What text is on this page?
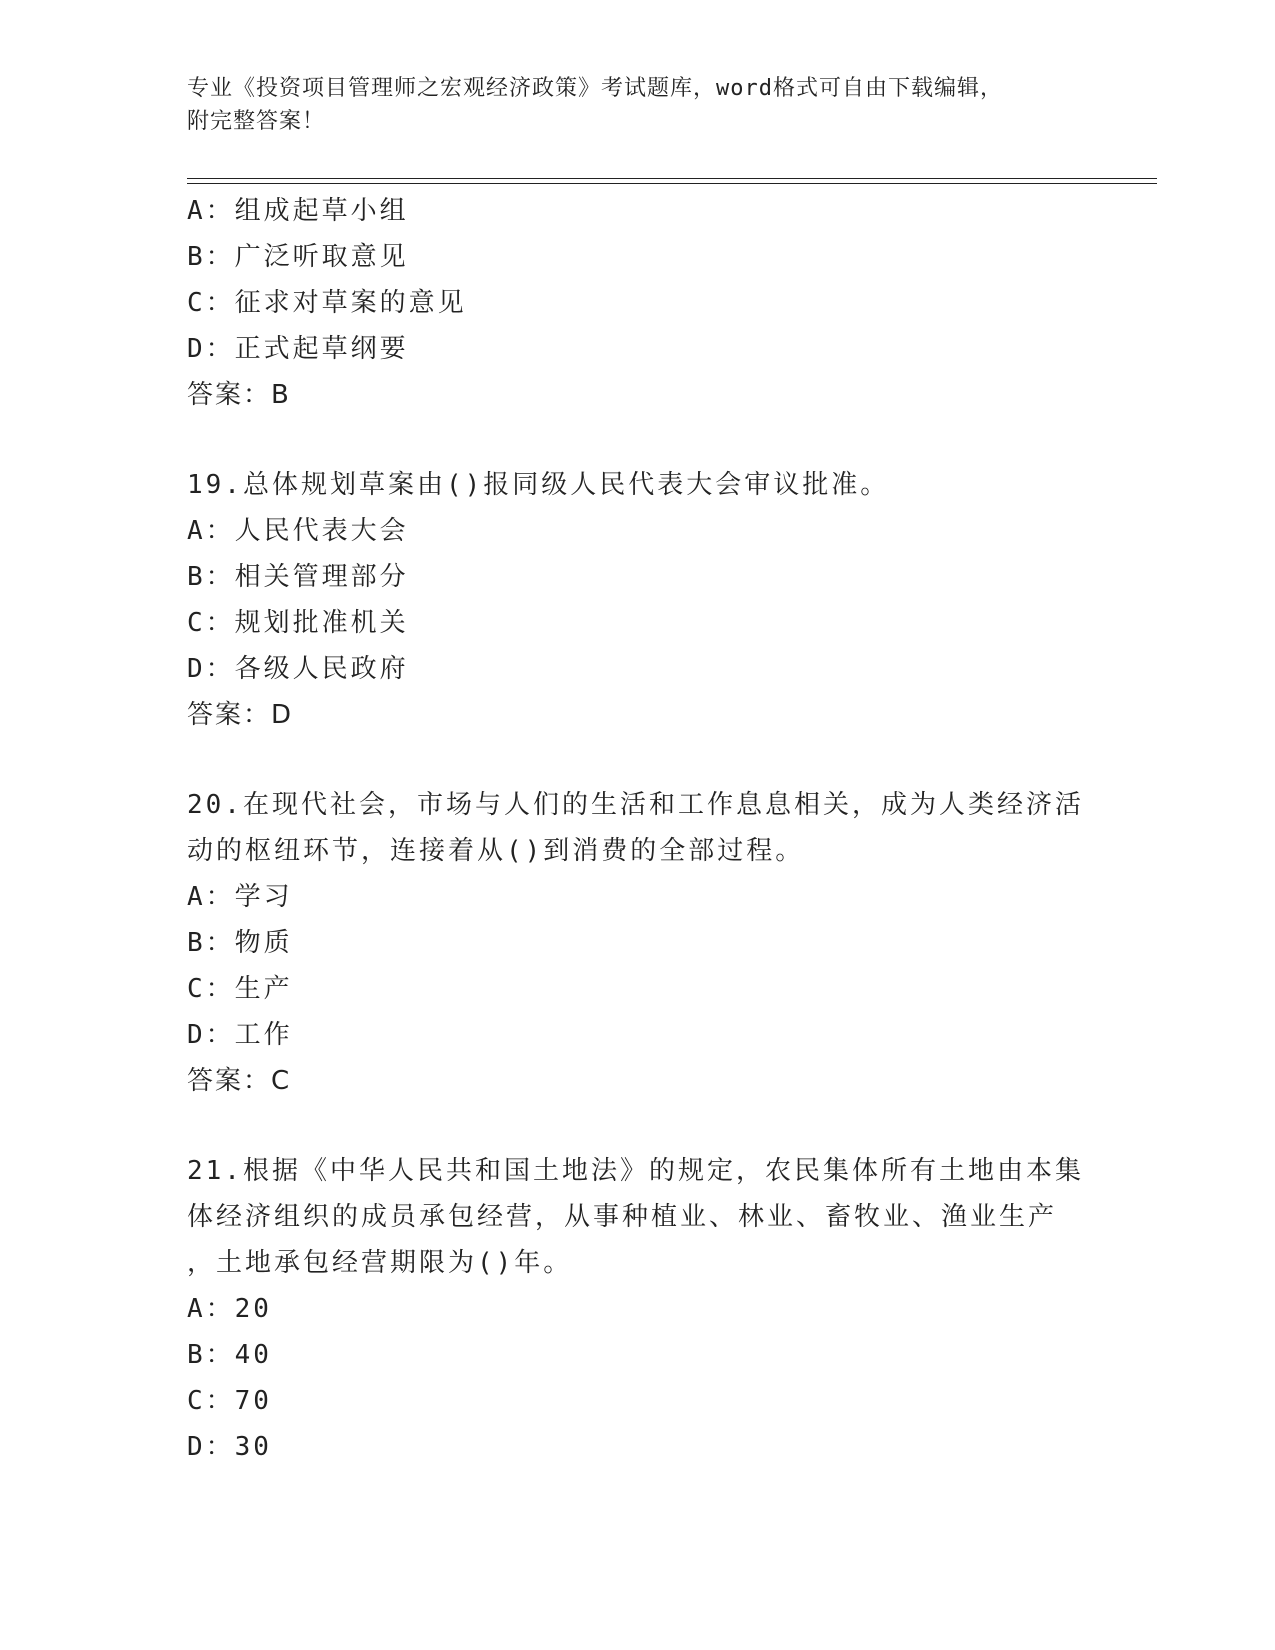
专业《投资项目管理师之宏观经济政策》考试题库，word格式可自由下载编辑，
附完整答案！
A：组成起草小组
B：广泛听取意见
C：征求对草案的意见
D：正式起草纲要
答案：B
19.总体规划草案由()报同级人民代表大会审议批准。
A：人民代表大会
B：相关管理部分
C：规划批准机关
D：各级人民政府
答案：D
20.在现代社会，市场与人们的生活和工作息息相关，成为人类经济活
动的枢纽环节，连接着从()到消费的全部过程。
A：学习
B：物质
C：生产
D：工作
答案：C
21.根据《中华人民共和国土地法》的规定，农民集体所有土地由本集
体经济组织的成员承包经营，从事种植业、林业、畜牧业、渔业生产
，土地承包经营期限为()年。
A：20
B：40
C：70
D：30
